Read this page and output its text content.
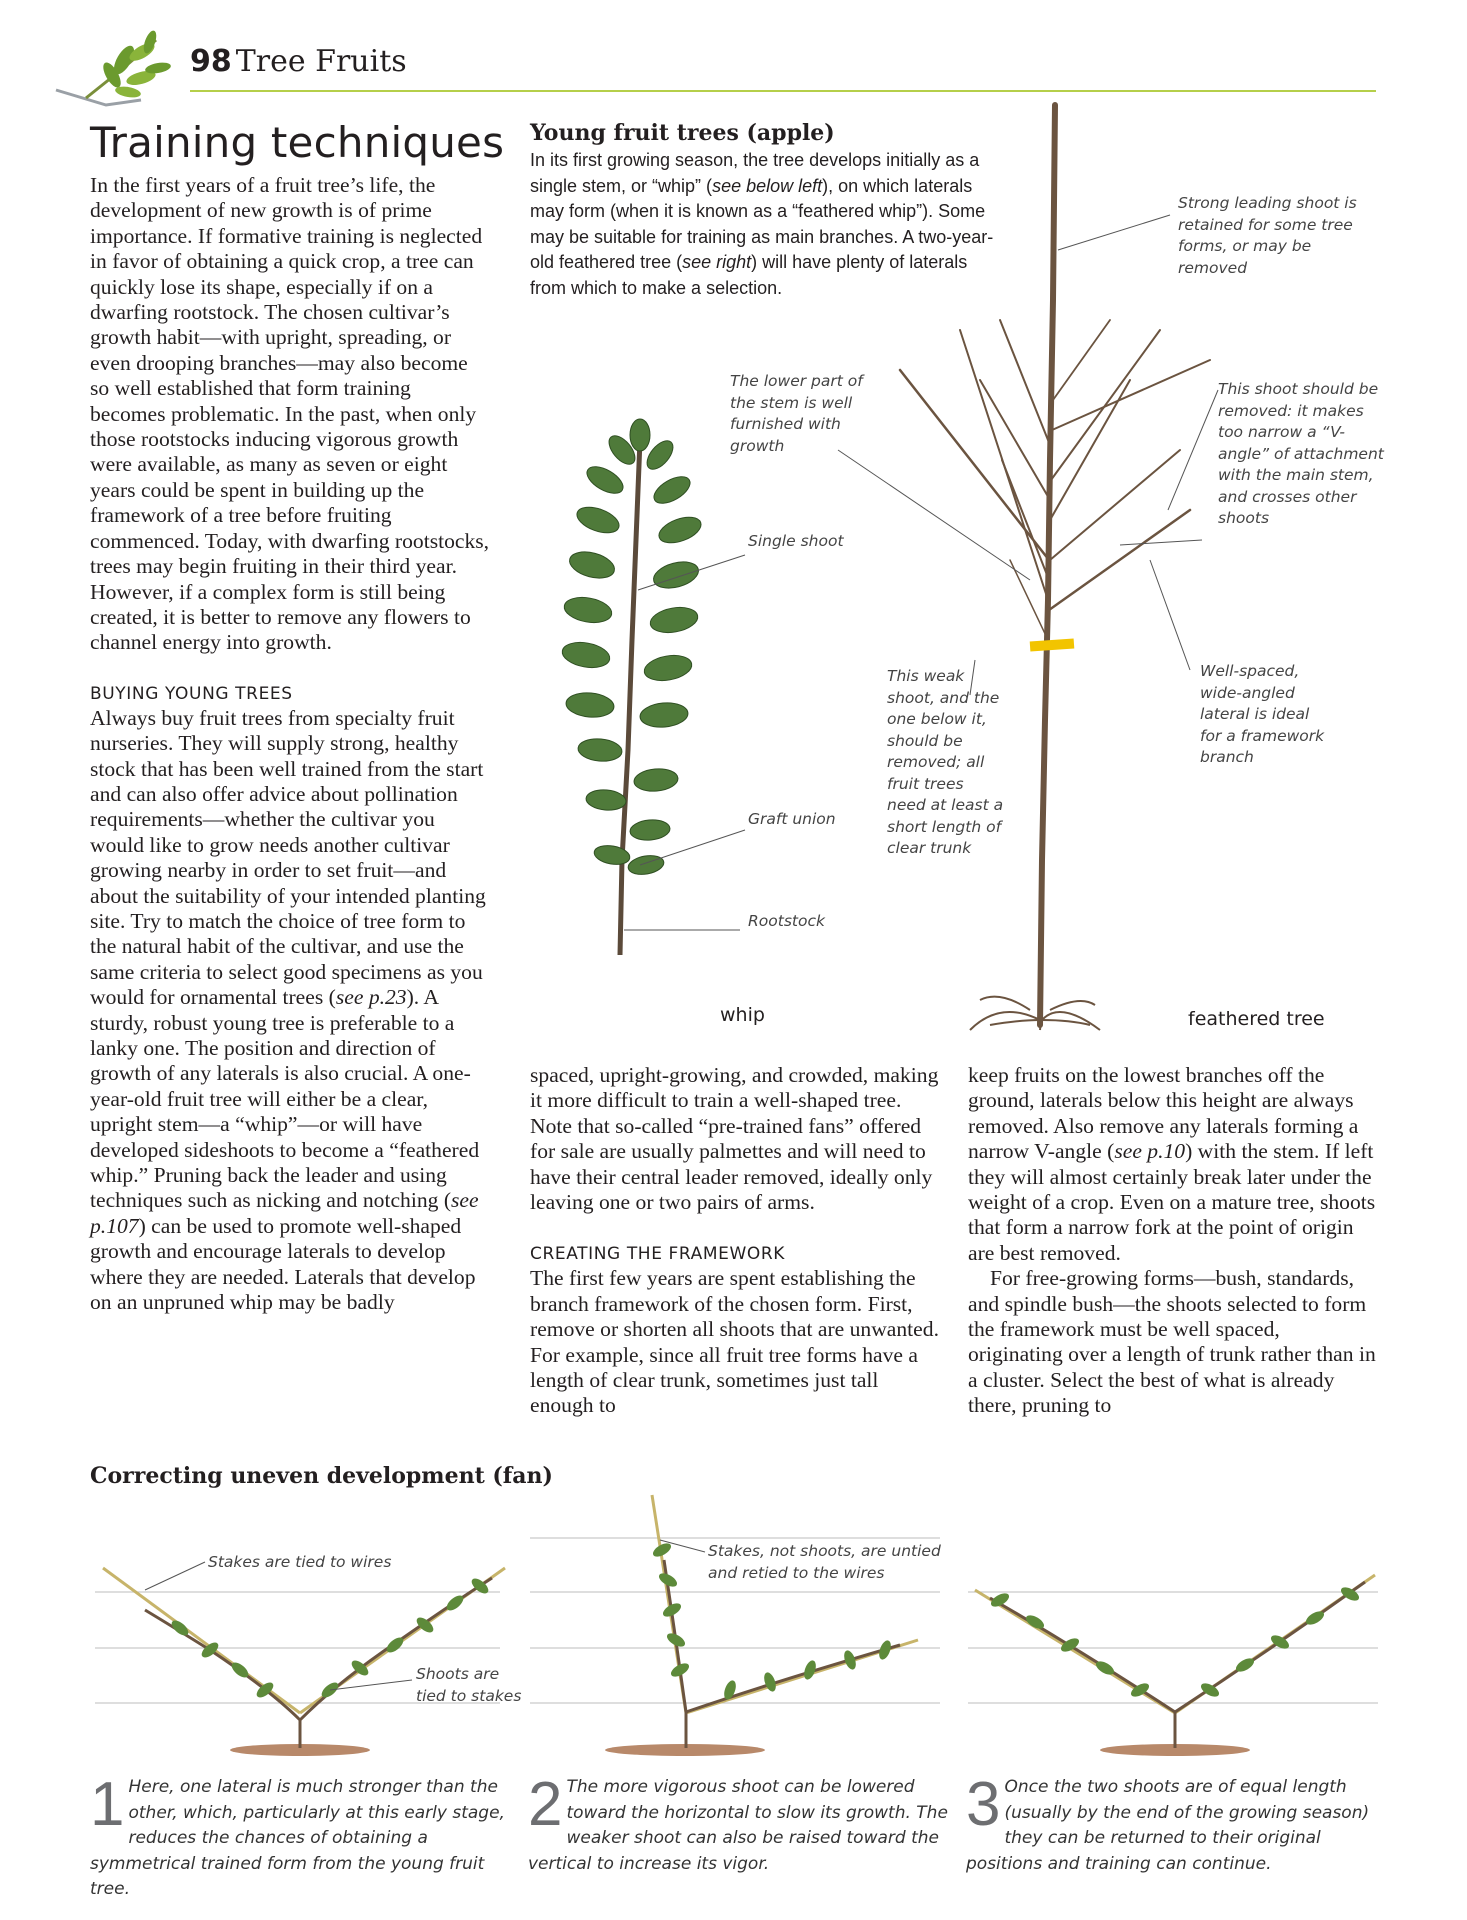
98 Tree Fruits
Training techniques

In the first years of a fruit tree’s life, the development of new growth is of prime importance. If formative training is neglected in favor of obtaining a quick crop, a tree can quickly lose its shape, especially if on a dwarfing rootstock. The chosen cultivar’s growth habit—with upright, spreading, or even drooping branches—may also become so well established that form training becomes problematic. In the past, when only those rootstocks inducing vigorous growth were available, as many as seven or eight years could be spent in building up the framework of a tree before fruiting commenced. Today, with dwarfing rootstocks, trees may begin fruiting in their third year. However, if a complex form is still being created, it is better to remove any flowers to channel energy into growth.

BUYING YOUNG TREES

Always buy fruit trees from specialty fruit nurseries. They will supply strong, healthy stock that has been well trained from the start and can also offer advice about pollination requirements—whether the cultivar you would like to grow needs another cultivar growing nearby in order to set fruit—and about the suitability of your intended planting site. Try to match the choice of tree form to the natural habit of the cultivar, and use the same criteria to select good specimens as you would for ornamental trees (see p.23). A sturdy, robust young tree is preferable to a lanky one. The position and direction of growth of any laterals is also crucial. A one-year-old fruit tree will either be a clear, upright stem—a “whip”—or will have developed sideshoots to become a “feathered whip.” Pruning back the leader and using techniques such as nicking and notching (see p.107) can be used to promote well-shaped growth and encourage laterals to develop where they are needed. Laterals that develop on an unpruned whip may be badly

Young fruit trees (apple)
In its first growing season, the tree develops initially as a single stem, or “whip” (see below left), on which laterals may form (when it is known as a “feathered whip”). Some may be suitable for training as main branches. A two-year-old feathered tree (see right) will have plenty of laterals from which to make a selection.
The lower part of the stem is well furnished with growth
Single shoot
Graft union
Rootstock
Strong leading shoot is retained for some tree forms, or may be removed
This shoot should be removed: it makes too narrow a “V-angle” of attachment with the main stem, and crosses other shoots
This weak shoot, and the one below it, should be removed; all fruit trees need at least a short length of clear trunk
Well-spaced, wide-angled lateral is ideal for a framework branch
whip	feathered tree

spaced, upright-growing, and crowded, making it more difficult to train a well-shaped tree. Note that so-called “pre-trained fans” offered for sale are usually palmettes and will need to have their central leader removed, ideally only leaving one or two pairs of arms.

CREATING THE FRAMEWORK

The first few years are spent establishing the branch framework of the chosen form. First, remove or shorten all shoots that are unwanted. For example, since all fruit tree forms have a length of clear trunk, sometimes just tall enough to

keep fruits on the lowest branches off the ground, laterals below this height are always removed. Also remove any laterals forming a narrow V-angle (see p.10) with the stem. If left they will almost certainly break later under the weight of a crop. Even on a mature tree, shoots that form a narrow fork at the point of origin are best removed.

For free-growing forms—bush, standards, and spindle bush—the shoots selected to form the framework must be well spaced, originating over a length of trunk rather than in a cluster. Select the best of what is already there, pruning to

Correcting uneven development (fan)
Stakes are tied to wires
Shoots are tied to stakes
Stakes, not shoots, are untied and retied to the wires
1 Here, one lateral is much stronger than the other, which, particularly at this early stage, reduces the chances of obtaining a symmetrical trained form from the young fruit tree.
2 The more vigorous shoot can be lowered toward the horizontal to slow its growth. The weaker shoot can also be raised toward the vertical to increase its vigor.
3 Once the two shoots are of equal length (usually by the end of the growing season) they can be returned to their original positions and training can continue.
